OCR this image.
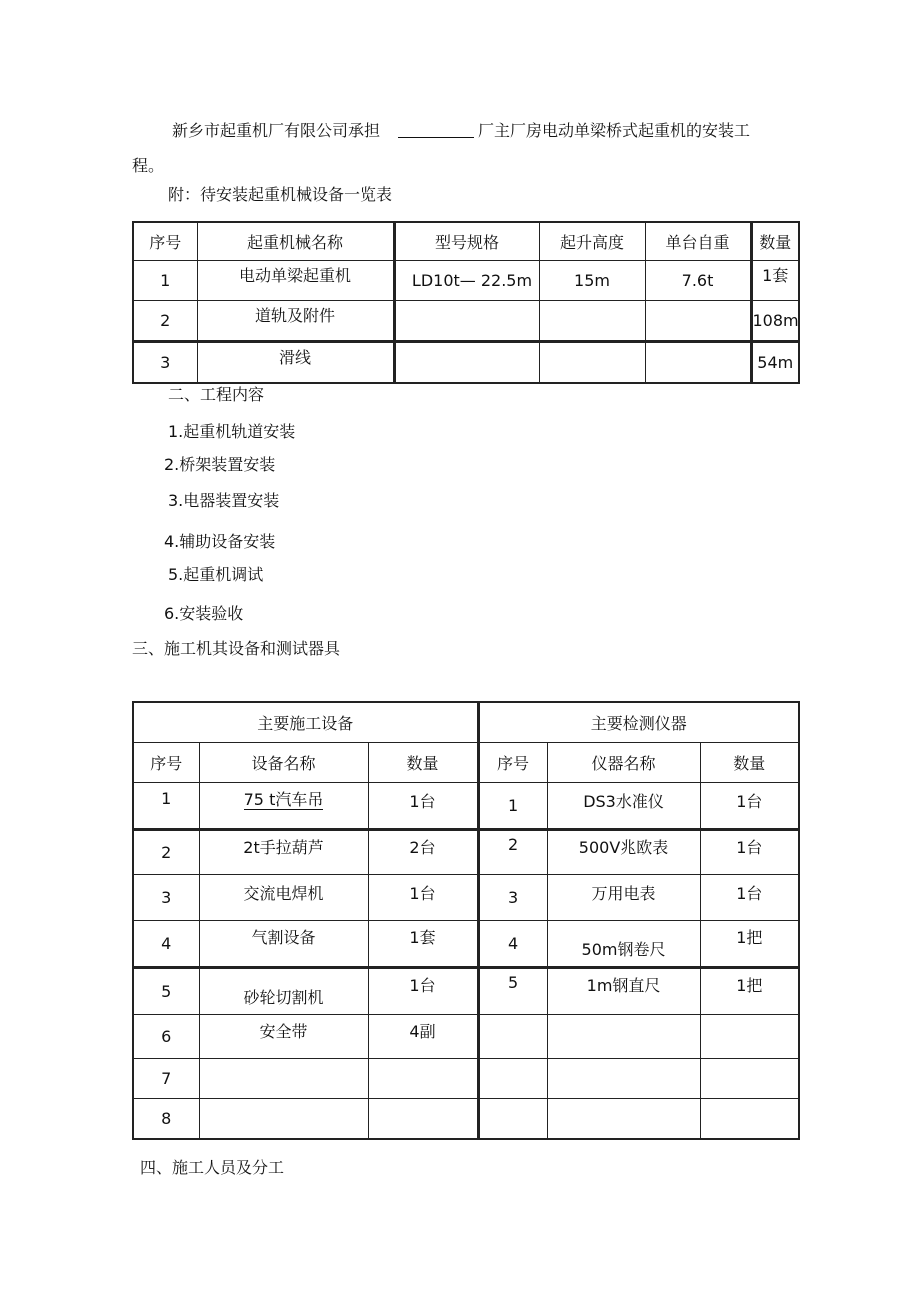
新乡市起重机厂有限公司承担	厂主厂房电动单梁桥式起重机的安装工
程。
附：待安装起重机械设备一览表
序号	起重机械名称	型号规格	起升高度	单台自重	数量
1	电动单梁起重机	LD10t— 22.5m	15m	7.6t	1套
2	道轨及附件				108m
3	滑线				54m
二、工程内容
1.起重机轨道安装
2.桥架装置安装
3.电器装置安装
4.辅助设备安装
5.起重机调试
6.安装验收
三、施工机其设备和测试器具
主要施工设备			主要检测仪器		
序号	设备名称	数量	序号	仪器名称	数量
1	75 t汽车吊	1台	1	DS3水准仪	1台
2	2t手拉葫芦	2台	2	500V兆欧表	1台
3	交流电焊机	1台	3	万用电表	1台
4	气割设备	1套	4	50m钢卷尺	1把
5	砂轮切割机	1台	5	1m钢直尺	1把
6	安全带	4副			
7					
8					
四、施工人员及分工
